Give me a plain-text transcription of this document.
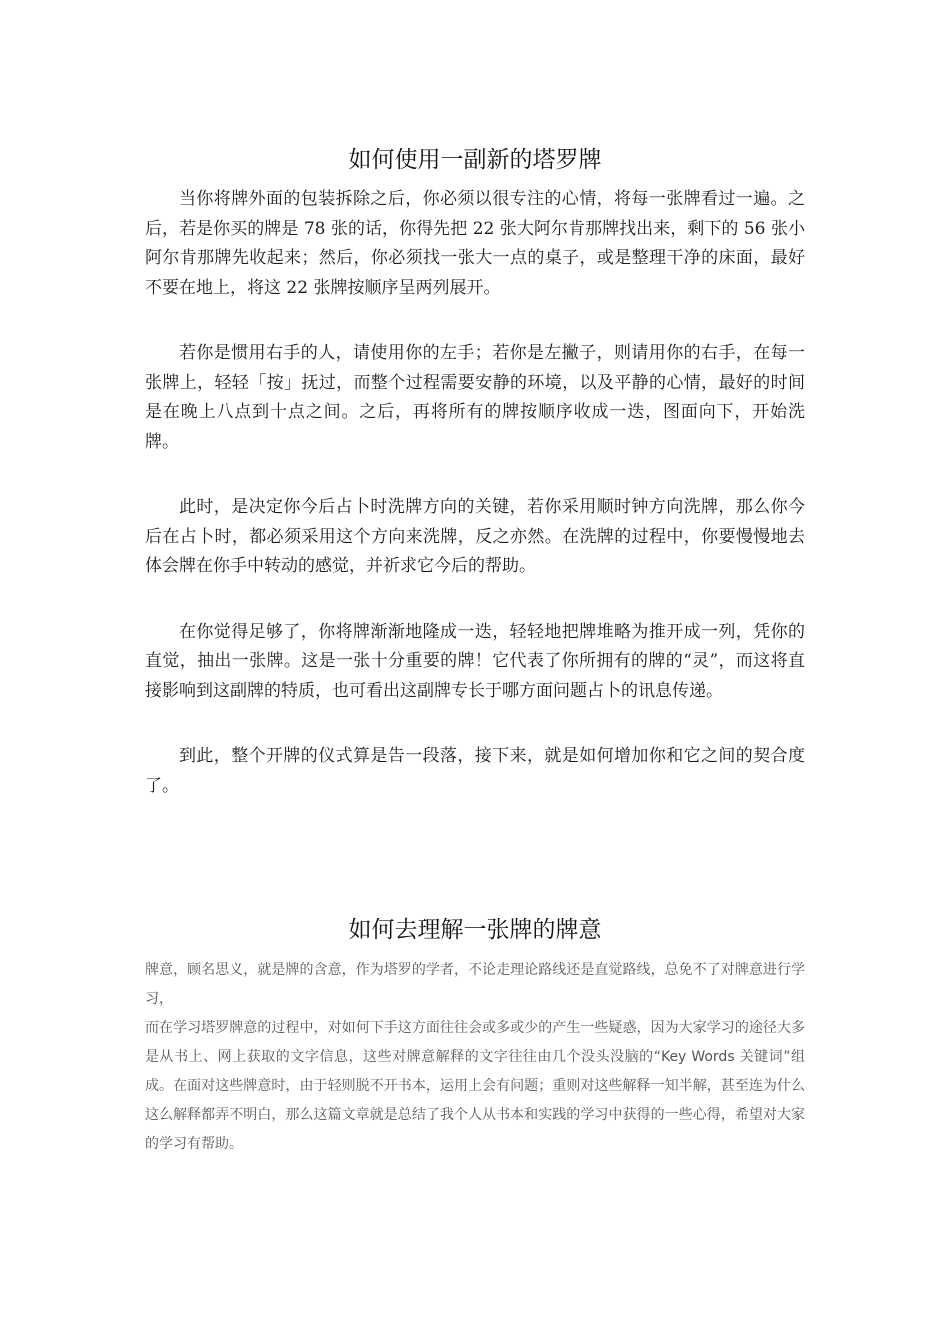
如何使用一副新的塔罗牌

当你将牌外面的包装拆除之后，你必须以很专注的心情，将每一张牌看过一遍。之后，若是你买的牌是 78 张的话，你得先把 22 张大阿尔肯那牌找出来，剩下的 56 张小阿尔肯那牌先收起来；然后，你必须找一张大一点的桌子，或是整理干净的床面，最好不要在地上，将这 22 张牌按顺序呈两列展开。

若你是惯用右手的人，请使用你的左手；若你是左撇子，则请用你的右手，在每一张牌上，轻轻「按」抚过，而整个过程需要安静的环境，以及平静的心情，最好的时间是在晚上八点到十点之间。之后，再将所有的牌按顺序收成一迭，图面向下，开始洗牌。

此时，是决定你今后占卜时洗牌方向的关键，若你采用顺时钟方向洗牌，那么你今后在占卜时，都必须采用这个方向来洗牌，反之亦然。在洗牌的过程中，你要慢慢地去体会牌在你手中转动的感觉，并祈求它今后的帮助。

在你觉得足够了，你将牌渐渐地隆成一迭，轻轻地把牌堆略为推开成一列，凭你的直觉，抽出一张牌。这是一张十分重要的牌！它代表了你所拥有的牌的“灵”，而这将直接影响到这副牌的特质，也可看出这副牌专长于哪方面问题占卜的讯息传递。

到此，整个开牌的仪式算是告一段落，接下来，就是如何增加你和它之间的契合度了。

如何去理解一张牌的牌意

牌意，顾名思义，就是牌的含意，作为塔罗的学者，不论走理论路线还是直觉路线，总免不了对牌意进行学习，

而在学习塔罗牌意的过程中，对如何下手这方面往往会或多或少的产生一些疑惑，因为大家学习的途径大多是从书上、网上获取的文字信息，这些对牌意解释的文字往往由几个没头没脑的“Key Words 关键词”组成。在面对这些牌意时，由于轻则脱不开书本，运用上会有问题；重则对这些解释一知半解，甚至连为什么这么解释都弄不明白，那么这篇文章就是总结了我个人从书本和实践的学习中获得的一些心得，希望对大家的学习有帮助。
